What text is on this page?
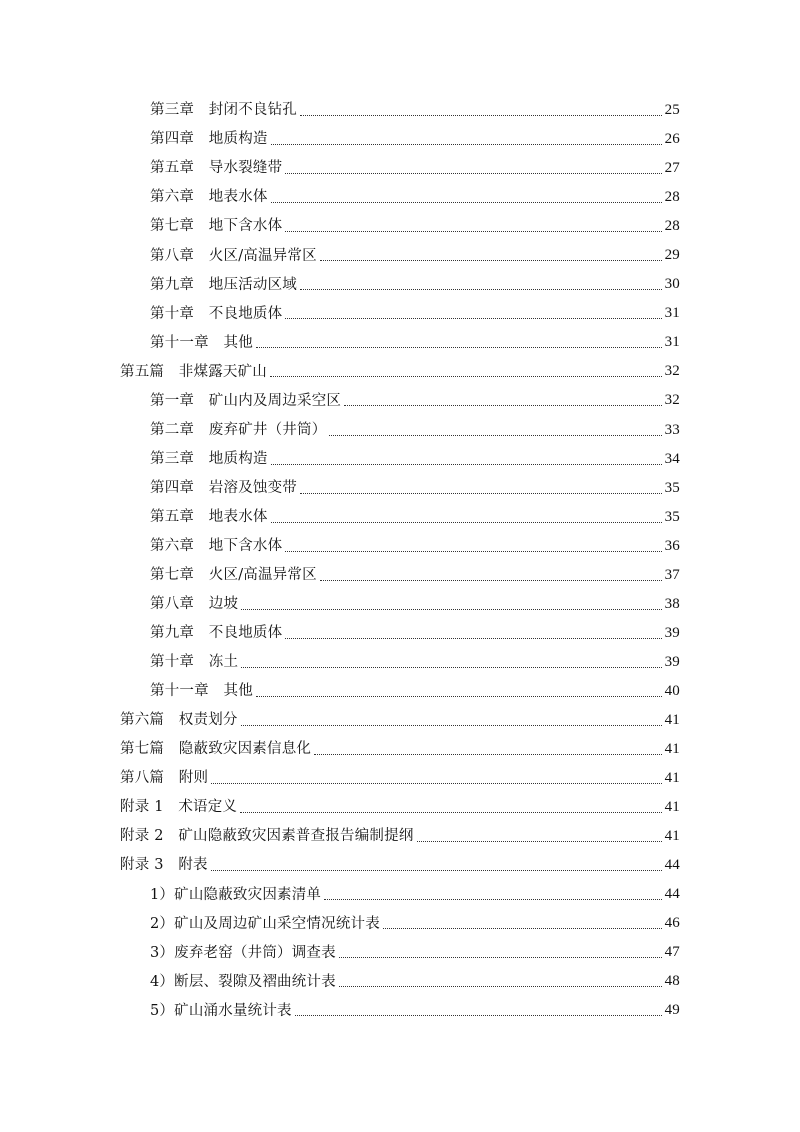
第三章　封闭不良钻孔	25
第四章　地质构造	26
第五章　导水裂缝带	27
第六章　地表水体	28
第七章　地下含水体	28
第八章　火区/高温异常区	29
第九章　地压活动区域	30
第十章　不良地质体	31
第十一章　其他	31
第五篇　非煤露天矿山	32
第一章　矿山内及周边采空区	32
第二章　废弃矿井（井筒）	33
第三章　地质构造	34
第四章　岩溶及蚀变带	35
第五章　地表水体	35
第六章　地下含水体	36
第七章　火区/高温异常区	37
第八章　边坡	38
第九章　不良地质体	39
第十章　冻土	39
第十一章　其他	40
第六篇　权责划分	41
第七篇　隐蔽致灾因素信息化	41
第八篇　附则	41
附录 1　术语定义	41
附录 2　矿山隐蔽致灾因素普查报告编制提纲	41
附录 3　附表	44
1）矿山隐蔽致灾因素清单	44
2）矿山及周边矿山采空情况统计表	46
3）废弃老窑（井筒）调查表	47
4）断层、裂隙及褶曲统计表	48
5）矿山涌水量统计表	49
